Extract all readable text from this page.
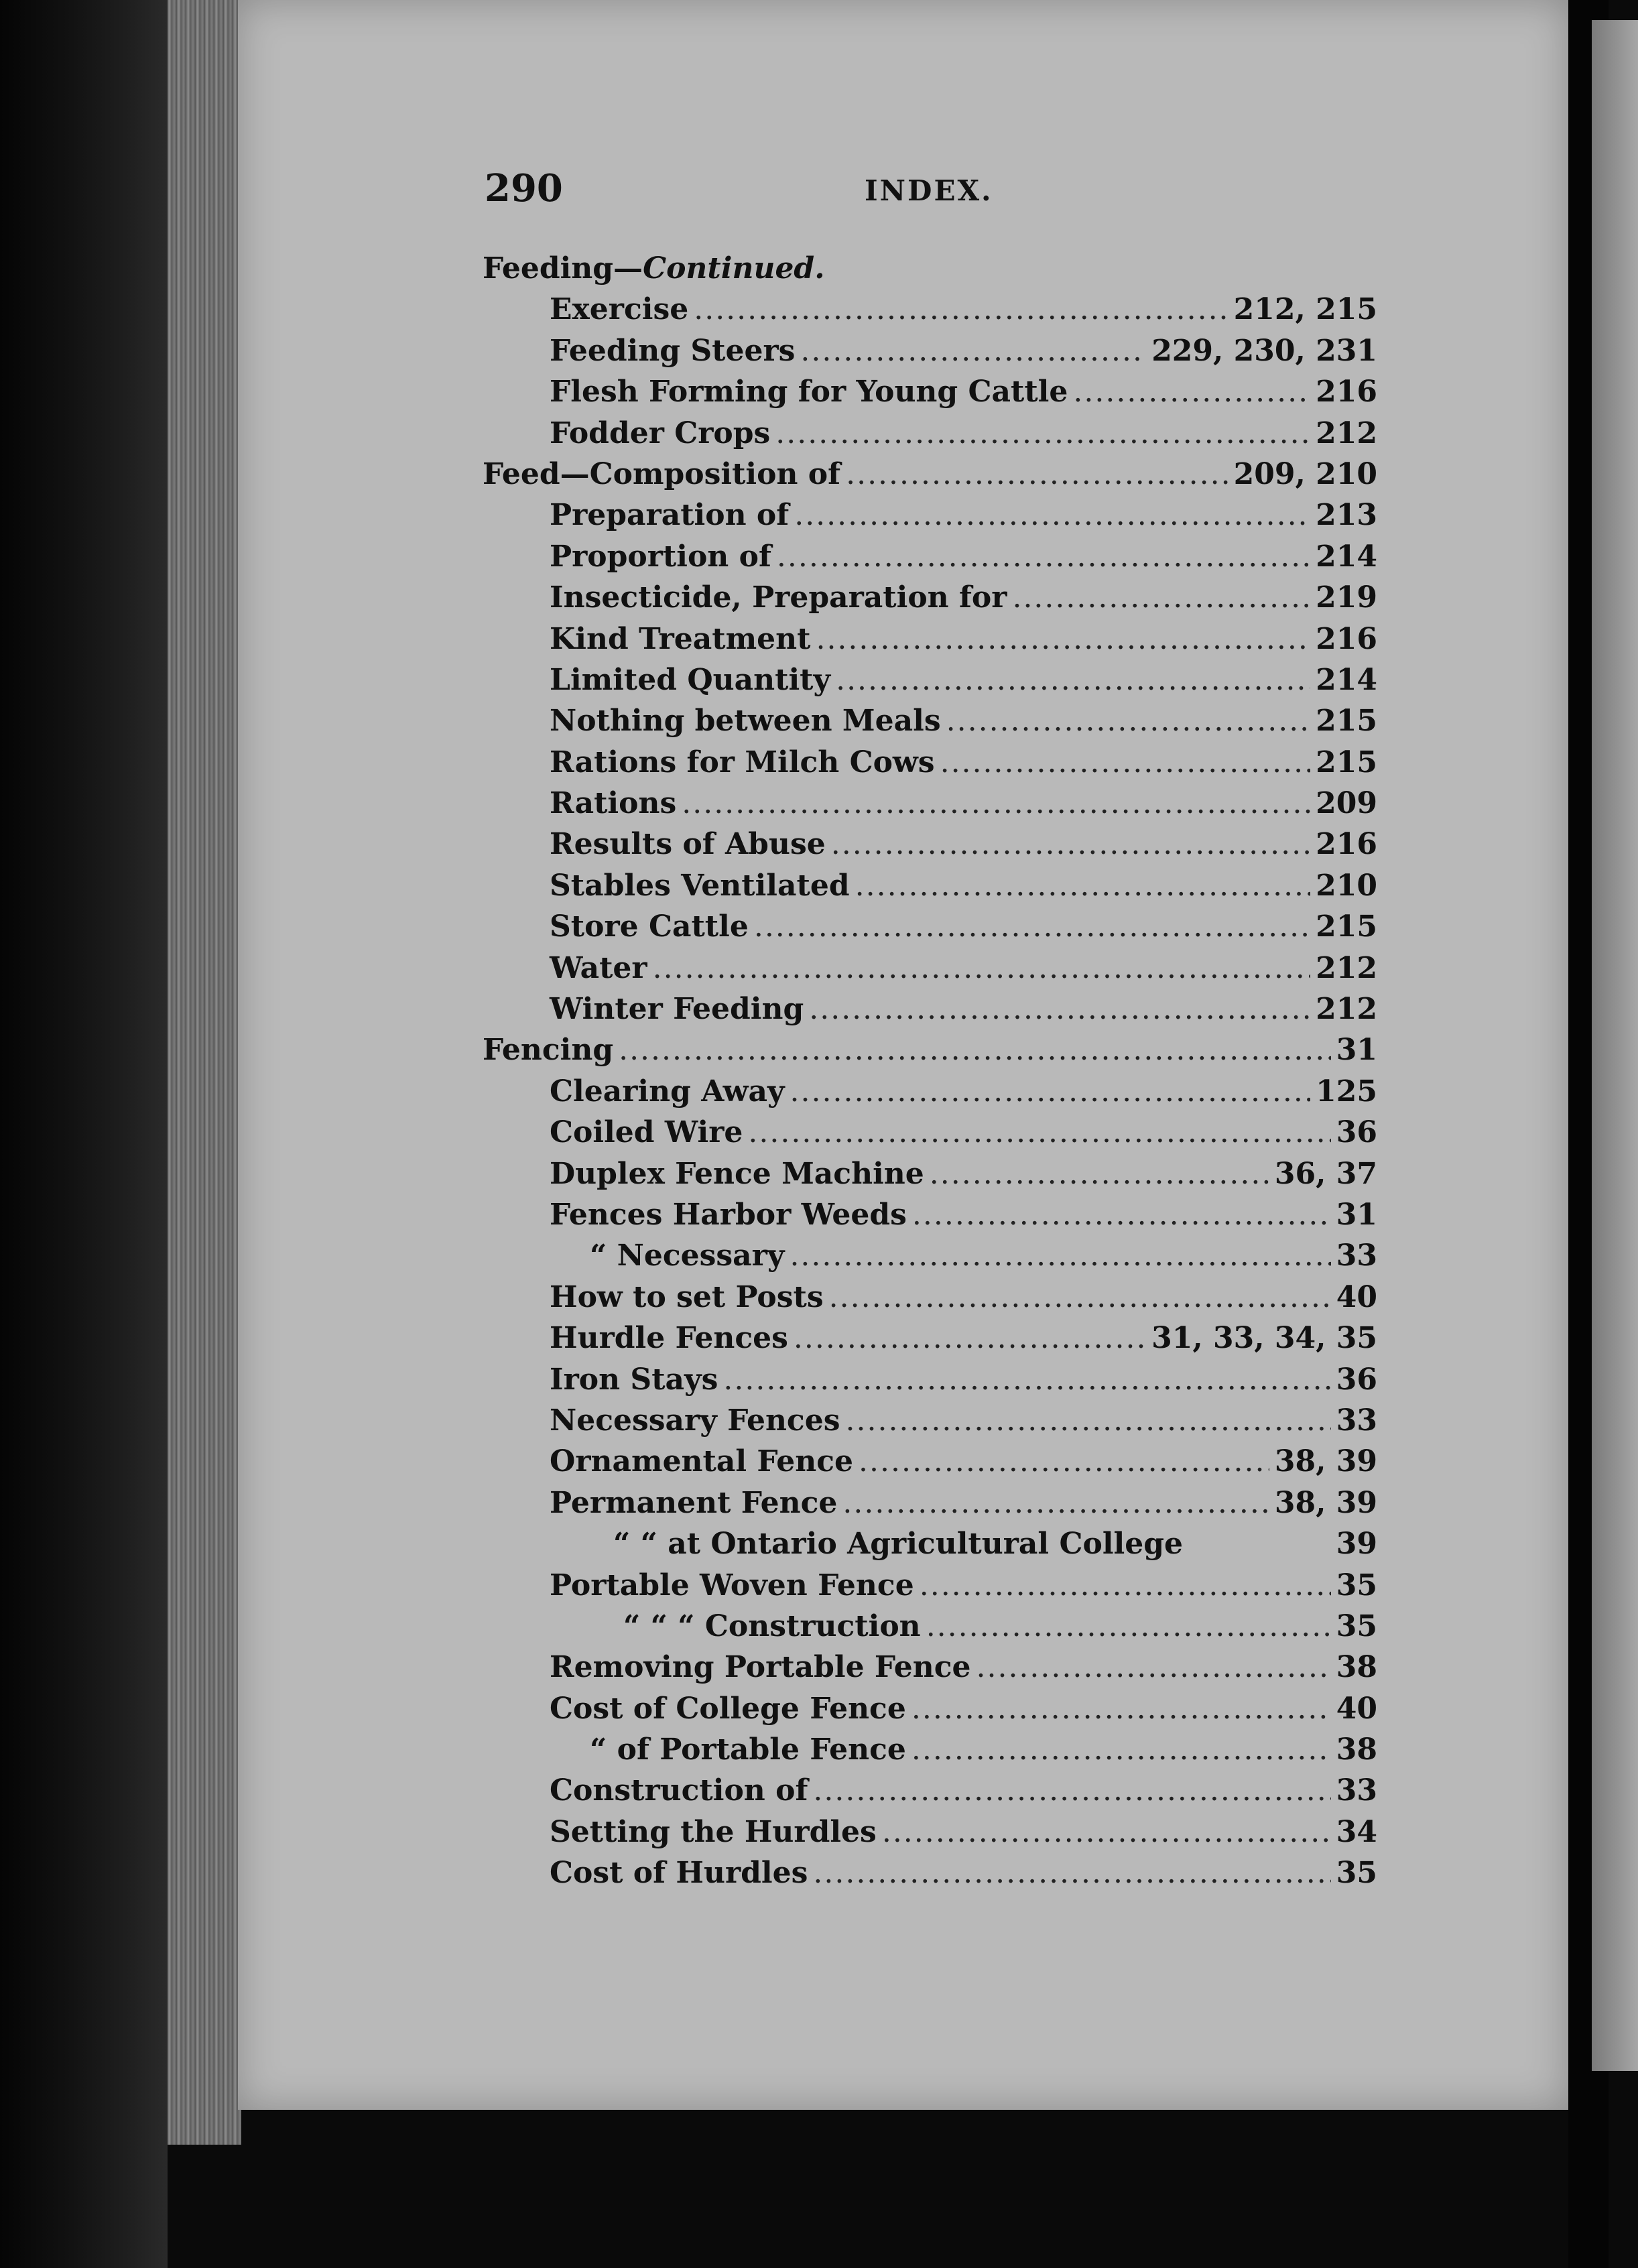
290	INDEX.
Feeding—Continued.
Exercise .....	212, 215
Feeding Steers .....	229, 230, 231
Flesh Forming for Young Cattle .....	216
Fodder Crops .....	212
Feed—Composition of .....	209, 210
Preparation of .....	213
Proportion of .....	214
Insecticide, Preparation for .....	219
Kind Treatment .....	216
Limited Quantity .....	214
Nothing between Meals .....	215
Rations for Milch Cows .....	215
Rations .....	209
Results of Abuse .....	216
Stables Ventilated .....	210
Store Cattle .....	215
Water .....	212
Winter Feeding .....	212
Fencing .....	31
Clearing Away .....	125
Coiled Wire .....	36
Duplex Fence Machine .....	36, 37
Fences Harbor Weeds .....	31
“ Necessary .....	33
How to set Posts .....	40
Hurdle Fences .....	31, 33, 34, 35
Iron Stays .....	36
Necessary Fences .....	33
Ornamental Fence .....	38, 39
Permanent Fence .....	38, 39
“ “ at Ontario Agricultural College	39
Portable Woven Fence .....	35
“ “ “ Construction .....	35
Removing Portable Fence .....	38
Cost of College Fence .....	40
“ of Portable Fence .....	38
Construction of .....	33
Setting the Hurdles .....	34
Cost of Hurdles .....	35
